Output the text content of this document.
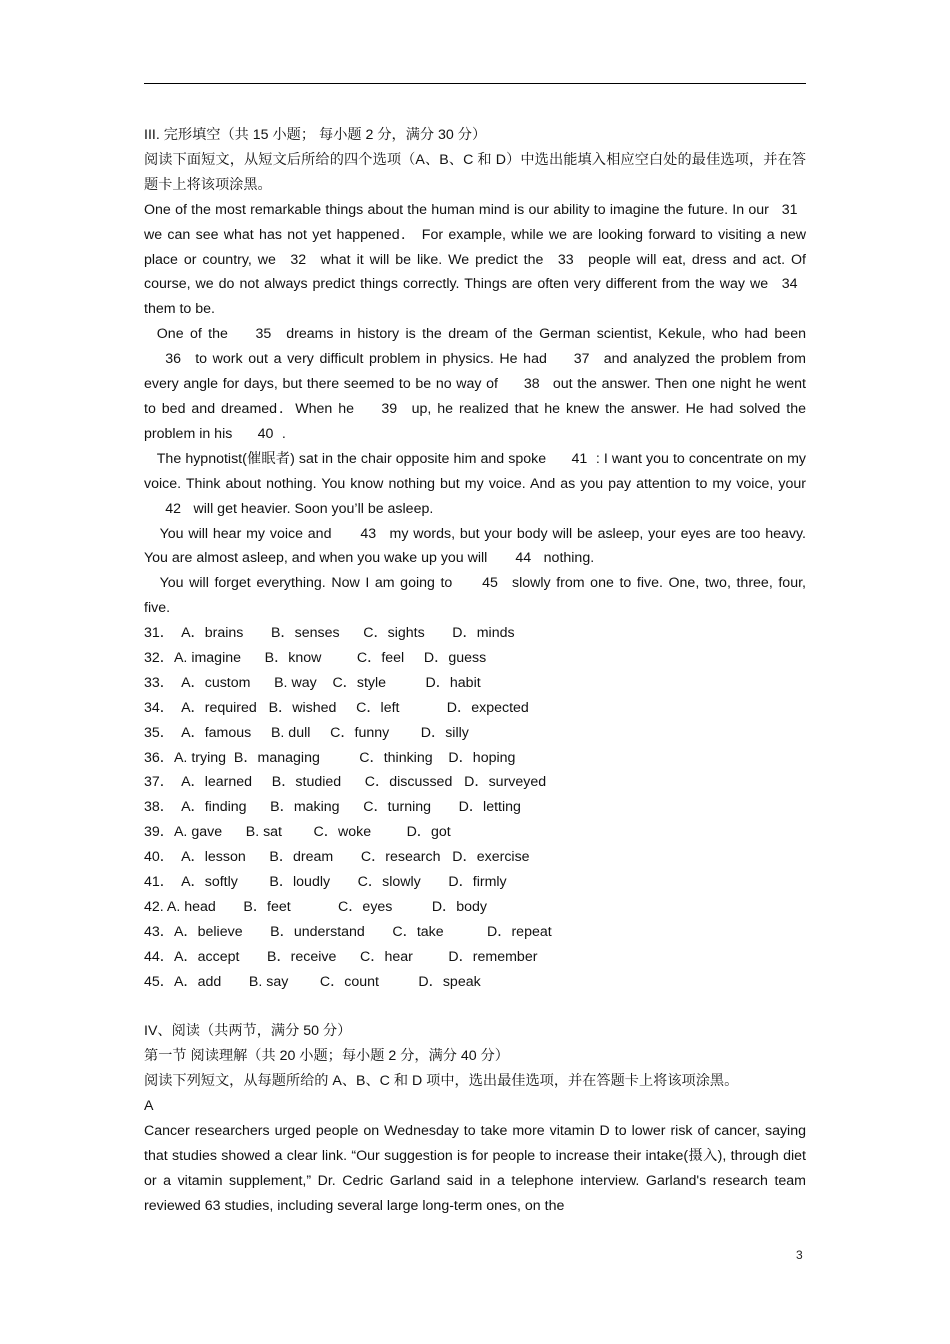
III. 完形填空（共 15 小题； 每小题 2 分，满分 30 分）

阅读下面短文，从短文后所给的四个选项（A、B、C 和 D）中选出能填入相应空白处的最佳选项，并在答题卡上将该项涂黑。

One of the most remarkable things about the human mind is our ability to imagine the future. In our 31 we can see what has not yet happened． For example, while we are looking forward to visiting a new place or country, we 32 what it will be like. We predict the 33 people will eat, dress and act. Of course, we do not always predict things correctly. Things are often very different from the way we 34 them to be.

One of the 35 dreams in history is the dream of the German scientist, Kekule, who had been 36 to work out a very difficult problem in physics. He had 37 and analyzed the problem from every angle for days, but there seemed to be no way of 38 out the answer. Then one night he went to bed and dreamed．When he 39 up, he realized that he knew the answer. He had solved the problem in his 40 .

The hypnotist(催眠者) sat in the chair opposite him and spoke 41 : I want you to concentrate on my voice. Think about nothing. You know nothing but my voice. And as you pay attention to my voice, your 42 will get heavier. Soon you’ll be asleep.

You will hear my voice and 43 my words, but your body will be asleep, your eyes are too heavy. You are almost asleep, and when you wake up you will 44 nothing.

You will forget everything. Now I am going to 45 slowly from one to five. One, two, three, four, five.

31．  A．brains       B．senses      C．sights       D．minds
32．A. imagine      B．know         C．feel     D．guess
33．  A．custom      B. way    C．style          D．habit
34．  A．required   B．wished     C．left            D．expected
35．  A．famous     B. dull     C．funny        D．silly
36．A. trying  B．managing          C．thinking    D．hoping
37．  A．learned     B．studied      C．discussed   D．surveyed
38．  A．finding      B．making      C．turning       D．letting
39．A. gave      B. sat        C．woke         D．got
40．  A．lesson      B．dream       C．research   D．exercise
41．  A．softly        B．loudly       C．slowly       D．firmly
42. A. head       B．feet            C．eyes          D．body
43．A．believe       B．understand       C．take           D．repeat
44．A．accept       B．receive      C．hear         D．remember
45．A．add       B. say        C．count          D．speak

IV、阅读（共两节，满分 50 分）

第一节 阅读理解（共 20 小题；每小题 2 分，满分 40 分）

阅读下列短文，从每题所给的 A、B、C 和 D 项中，选出最佳选项，并在答题卡上将该项涂黑。

A

Cancer researchers urged people on Wednesday to take more vitamin D to lower risk of cancer, saying that studies showed a clear link. “Our suggestion is for people to increase their intake(摄入), through diet or a vitamin supplement,” Dr. Cedric Garland said in a telephone interview. Garland's research team reviewed 63 studies, including several large long-term ones, on the

3
